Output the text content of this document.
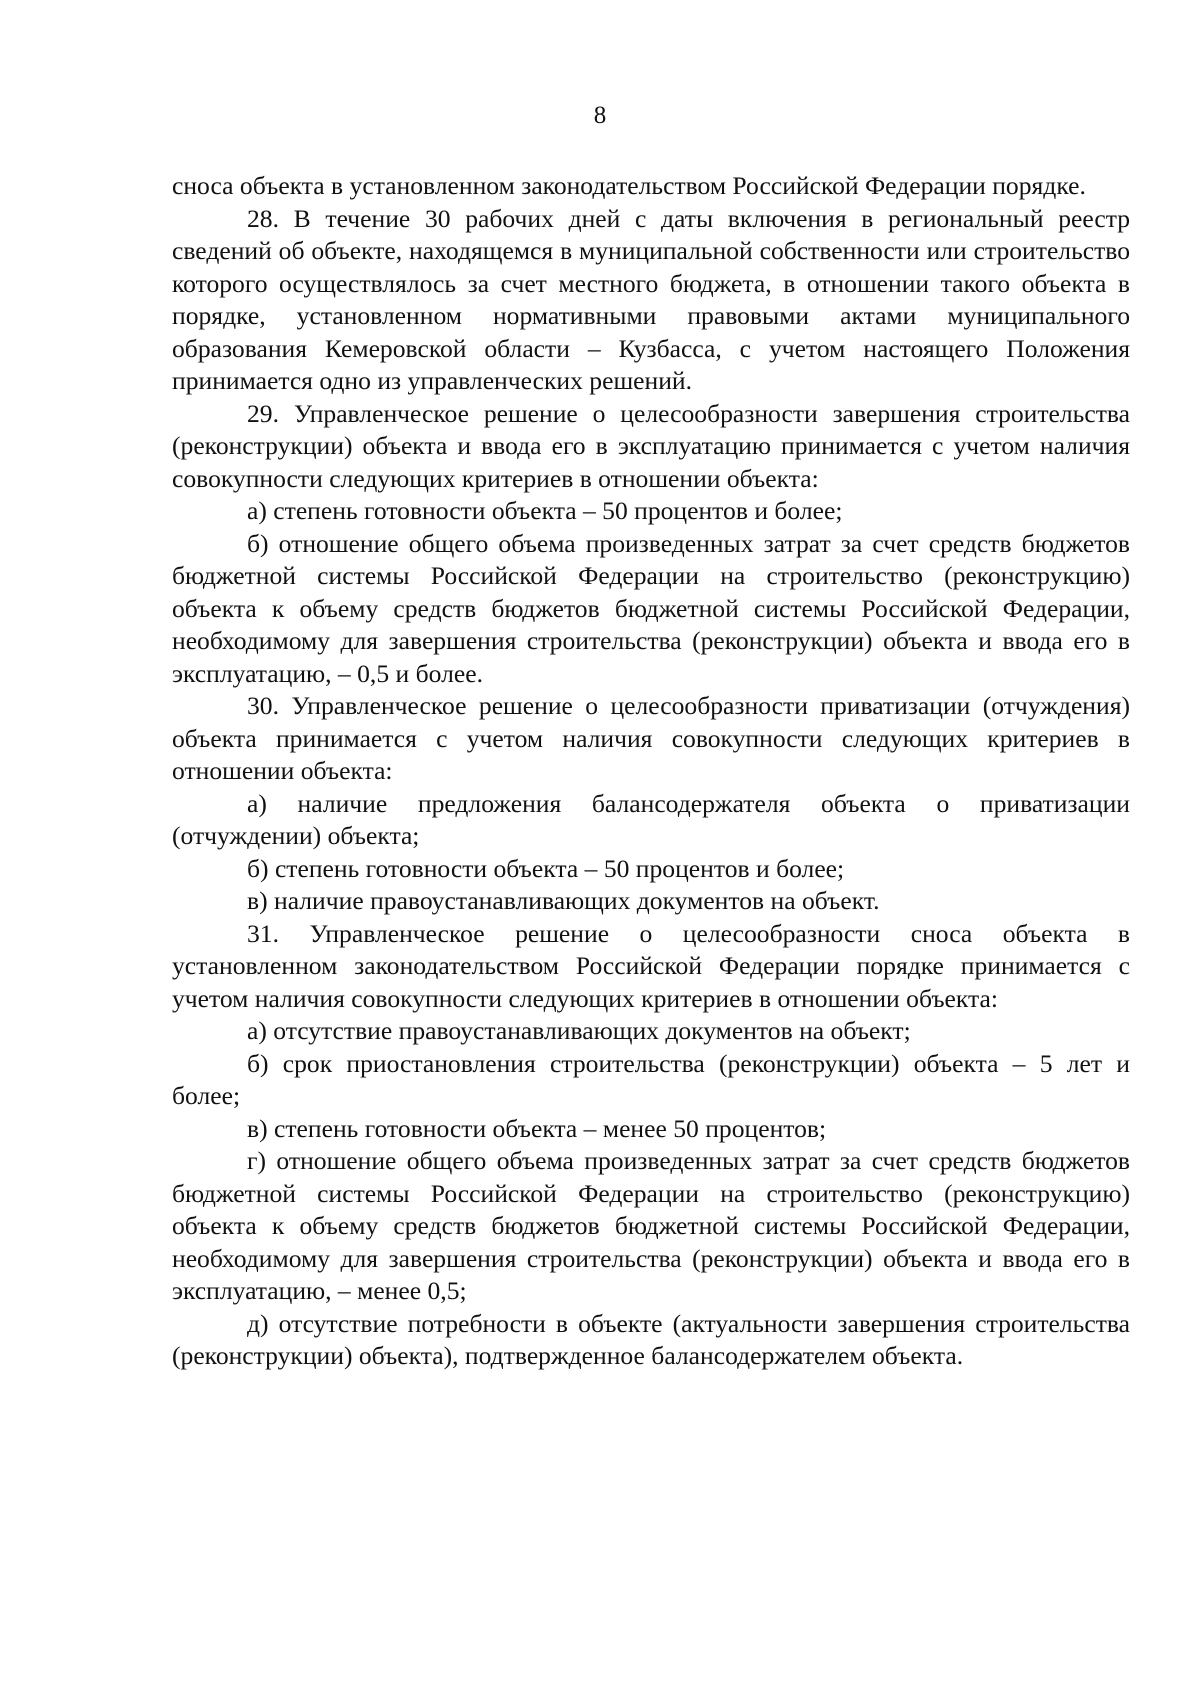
8

сноса объекта в установленном законодательством Российской Федерации порядке.

28. В течение 30 рабочих дней с даты включения в региональный реестр сведений об объекте, находящемся в муниципальной собственности или строительство которого осуществлялось за счет местного бюджета, в отношении такого объекта в порядке, установленном нормативными правовыми актами муниципального образования Кемеровской области – Кузбасса, с учетом настоящего Положения принимается одно из управленческих решений.

29. Управленческое решение о целесообразности завершения строительства (реконструкции) объекта и ввода его в эксплуатацию принимается с учетом наличия совокупности следующих критериев в отношении объекта:

а) степень готовности объекта – 50 процентов и более;

б) отношение общего объема произведенных затрат за счет средств бюджетов бюджетной системы Российской Федерации на строительство (реконструкцию) объекта к объему средств бюджетов бюджетной системы Российской Федерации, необходимому для завершения строительства (реконструкции) объекта и ввода его в эксплуатацию, – 0,5 и более.

30. Управленческое решение о целесообразности приватизации (отчуждения) объекта принимается с учетом наличия совокупности следующих критериев в отношении объекта:

а) наличие предложения балансодержателя объекта о приватизации (отчуждении) объекта;

б) степень готовности объекта – 50 процентов и более;

в) наличие правоустанавливающих документов на объект.

31. Управленческое решение о целесообразности сноса объекта в установленном законодательством Российской Федерации порядке принимается с учетом наличия совокупности следующих критериев в отношении объекта:

а) отсутствие правоустанавливающих документов на объект;

б) срок приостановления строительства (реконструкции) объекта – 5 лет и более;

в) степень готовности объекта – менее 50 процентов;

г) отношение общего объема произведенных затрат за счет средств бюджетов бюджетной системы Российской Федерации на строительство (реконструкцию) объекта к объему средств бюджетов бюджетной системы Российской Федерации, необходимому для завершения строительства (реконструкции) объекта и ввода его в эксплуатацию, – менее 0,5;

д) отсутствие потребности в объекте (актуальности завершения строительства (реконструкции) объекта), подтвержденное балансодержателем объекта.
